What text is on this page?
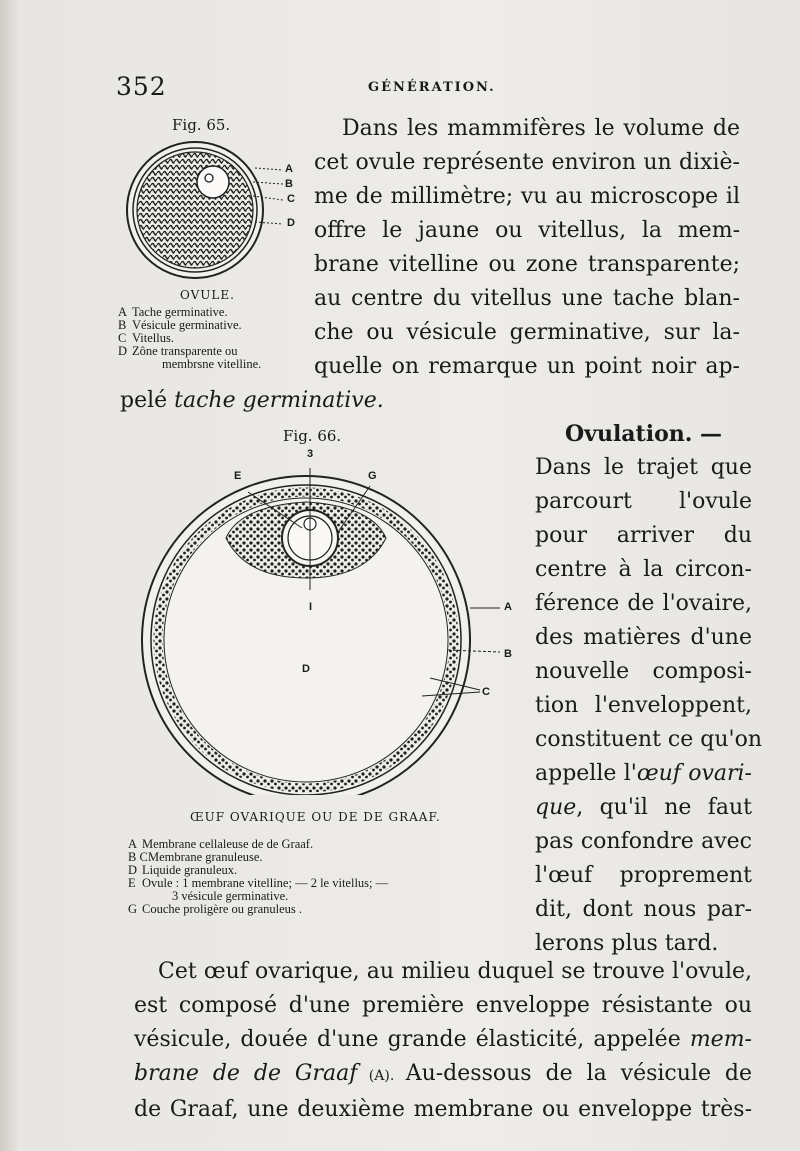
352	GÉNÉRATION.
Fig. 65.
A
B
C
D
OVULE.
A Tache germinative.
B Vésicule germinative.
C Vitellus.
D Zône transparente ou
membrsne vitelline.
Dans les mammifères le volume de
cet ovule représente environ un dixiè-
me de millimètre; vu au microscope il
offre le jaune ou vitellus, la mem-
brane vitelline ou zone transparente;
au centre du vitellus une tache blan-
che ou vésicule germinative, sur la-
quelle on remarque un point noir ap-
pelé tache germinative.
Fig. 66.
3
E	G
I	A
B
C
D
ŒUF OVARIQUE OU DE DE GRAAF.
A Membrane cellaleuse de de Graaf.
B CMembrane granuleuse.
D Liquide granuleux.
E Ovule : 1 membrane vitelline; — 2 le vitellus; —
3 vésicule germinative.
G Couche proligère ou granuleus .
Ovulation. —
Dans le trajet que
parcourt l'ovule
pour arriver du
centre à la circon-
férence de l'ovaire,
des matières d'une
nouvelle composi-
tion l'enveloppent,
constituent ce qu'on
appelle l'œuf ovari-
que, qu'il ne faut
pas confondre avec
l'œuf proprement
dit, dont nous par-
lerons plus tard.
Cet œuf ovarique, au milieu duquel se trouve l'ovule,
est composé d'une première enveloppe résistante ou
vésicule, douée d'une grande élasticité, appelée mem-
brane de de Graaf (A). Au-dessous de la vésicule de
de Graaf, une deuxième membrane ou enveloppe très-
